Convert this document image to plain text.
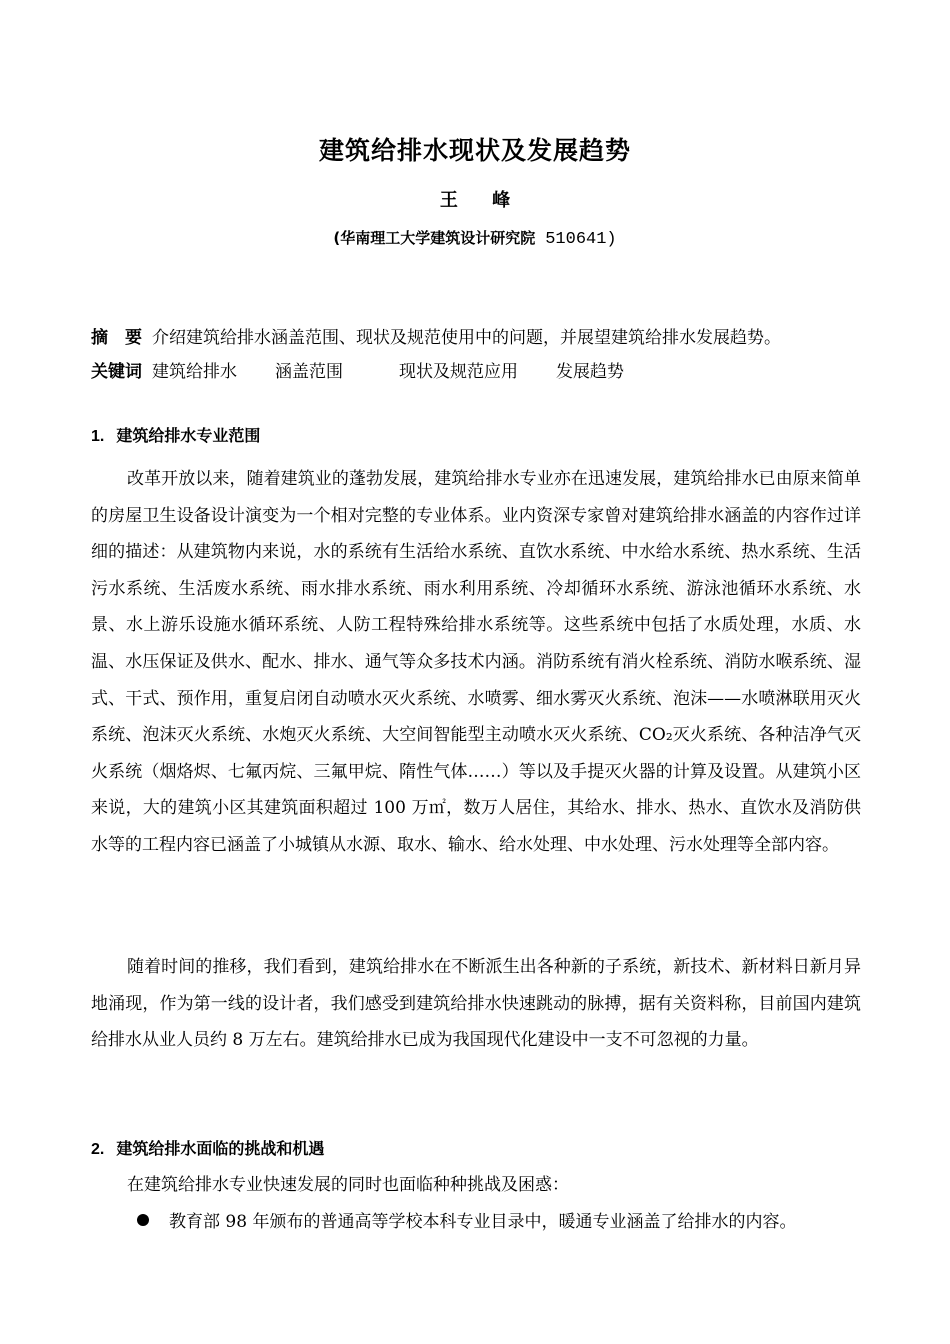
建筑给排水现状及发展趋势
王 峰
(华南理工大学建筑设计研究院 510641)
摘　要 介绍建筑给排水涵盖范围、现状及规范使用中的问题，并展望建筑给排水发展趋势。
关键词 建筑给排水 涵盖范围	现状及规范应用 发展趋势
1. 建筑给排水专业范围

改革开放以来，随着建筑业的蓬勃发展，建筑给排水专业亦在迅速发展，建筑给排水已由原来简单的房屋卫生设备设计演变为一个相对完整的专业体系。业内资深专家曾对建筑给排水涵盖的内容作过详细的描述：从建筑物内来说，水的系统有生活给水系统、直饮水系统、中水给水系统、热水系统、生活污水系统、生活废水系统、雨水排水系统、雨水利用系统、冷却循环水系统、游泳池循环水系统、水景、水上游乐设施水循环系统、人防工程特殊给排水系统等。这些系统中包括了水质处理，水质、水温、水压保证及供水、配水、排水、通气等众多技术内涵。消防系统有消火栓系统、消防水喉系统、湿式、干式、预作用，重复启闭自动喷水灭火系统、水喷雾、细水雾灭火系统、泡沫——水喷淋联用灭火系统、泡沫灭火系统、水炮灭火系统、大空间智能型主动喷水灭火系统、CO₂灭火系统、各种洁净气灭火系统（烟烙烬、七氟丙烷、三氟甲烷、隋性气体……）等以及手提灭火器的计算及设置。从建筑小区来说，大的建筑小区其建筑面积超过 100 万㎡，数万人居住，其给水、排水、热水、直饮水及消防供水等的工程内容已涵盖了小城镇从水源、取水、输水、给水处理、中水处理、污水处理等全部内容。

随着时间的推移，我们看到，建筑给排水在不断派生出各种新的子系统，新技术、新材料日新月异地涌现，作为第一线的设计者，我们感受到建筑给排水快速跳动的脉搏，据有关资料称，目前国内建筑给排水从业人员约 8 万左右。建筑给排水已成为我国现代化建设中一支不可忽视的力量。

2. 建筑给排水面临的挑战和机遇
在建筑给排水专业快速发展的同时也面临种种挑战及困惑：
教育部 98 年颁布的普通高等学校本科专业目录中，暖通专业涵盖了给排水的内容。
